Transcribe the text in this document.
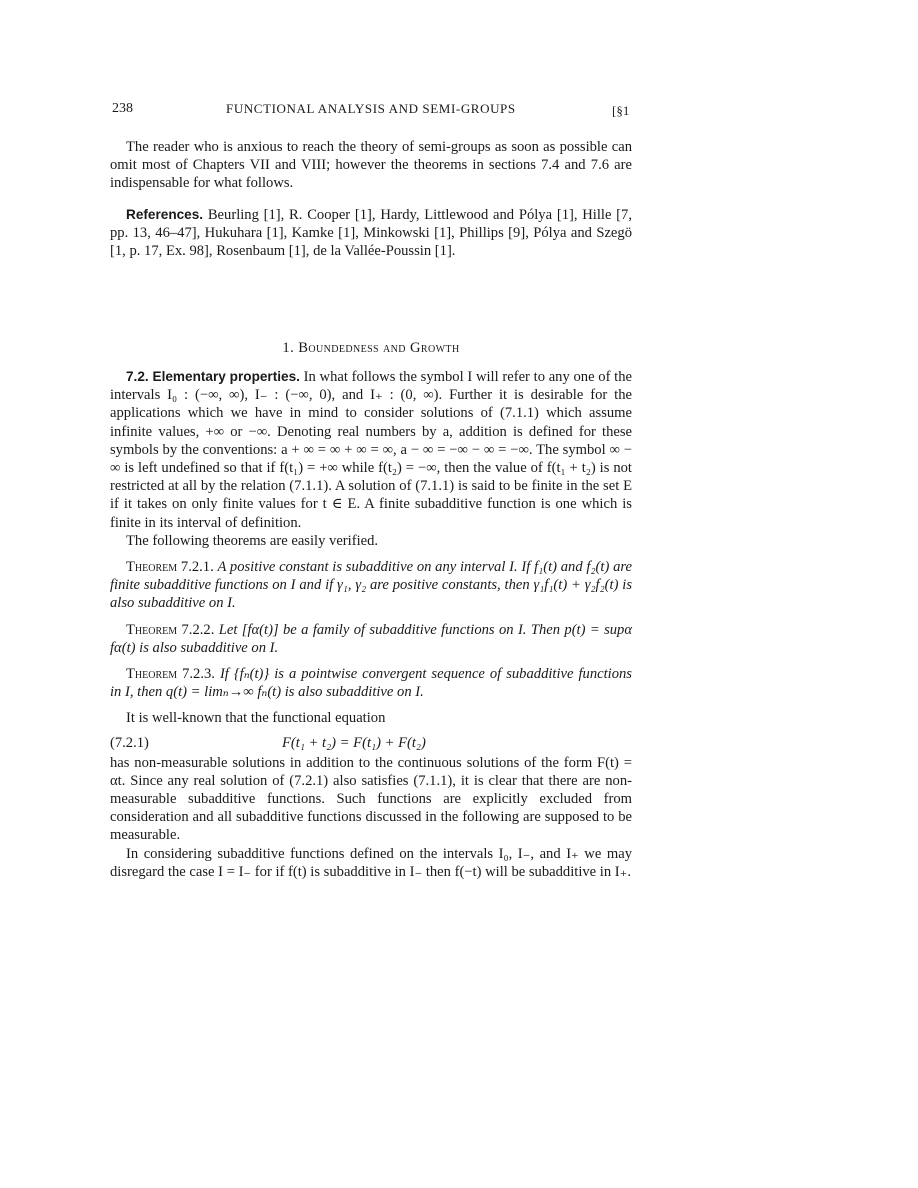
238	FUNCTIONAL ANALYSIS AND SEMI-GROUPS	[§1

The reader who is anxious to reach the theory of semi-groups as soon as possible can omit most of Chapters VII and VIII; however the theorems in sections 7.4 and 7.6 are indispensable for what follows.

References. Beurling [1], R. Cooper [1], Hardy, Littlewood and Pólya [1], Hille [7, pp. 13, 46–47], Hukuhara [1], Kamke [1], Minkowski [1], Phillips [9], Pólya and Szegö [1, p. 17, Ex. 98], Rosenbaum [1], de la Vallée-Poussin [1].

1. Boundedness and Growth

7.2. Elementary properties. In what follows the symbol I will refer to any one of the intervals I₀ : (−∞, ∞), I₋ : (−∞, 0), and I₊ : (0, ∞). Further it is desirable for the applications which we have in mind to consider solutions of (7.1.1) which assume infinite values, +∞ or −∞. Denoting real numbers by a, addition is defined for these symbols by the conventions: a + ∞ = ∞ + ∞ = ∞, a − ∞ = −∞ − ∞ = −∞. The symbol ∞ − ∞ is left undefined so that if f(t₁) = +∞ while f(t₂) = −∞, then the value of f(t₁ + t₂) is not restricted at all by the relation (7.1.1). A solution of (7.1.1) is said to be finite in the set E if it takes on only finite values for t ∈ E. A finite subadditive function is one which is finite in its interval of definition.

The following theorems are easily verified.

Theorem 7.2.1. A positive constant is subadditive on any interval I. If f₁(t) and f₂(t) are finite subadditive functions on I and if γ₁, γ₂ are positive constants, then γ₁f₁(t) + γ₂f₂(t) is also subadditive on I.

Theorem 7.2.2. Let [fα(t)] be a family of subadditive functions on I. Then p(t) = supα fα(t) is also subadditive on I.

Theorem 7.2.3. If {fₙ(t)} is a pointwise convergent sequence of subadditive functions in I, then q(t) = limₙ→∞ fₙ(t) is also subadditive on I.

It is well-known that the functional equation

(7.2.1)	F(t₁ + t₂) = F(t₁) + F(t₂)

has non-measurable solutions in addition to the continuous solutions of the form F(t) = αt. Since any real solution of (7.2.1) also satisfies (7.1.1), it is clear that there are non-measurable subadditive functions. Such functions are explicitly excluded from consideration and all subadditive functions discussed in the following are supposed to be measurable.

In considering subadditive functions defined on the intervals I₀, I₋, and I₊ we may disregard the case I = I₋ for if f(t) is subadditive in I₋ then f(−t) will be subadditive in I₊.
